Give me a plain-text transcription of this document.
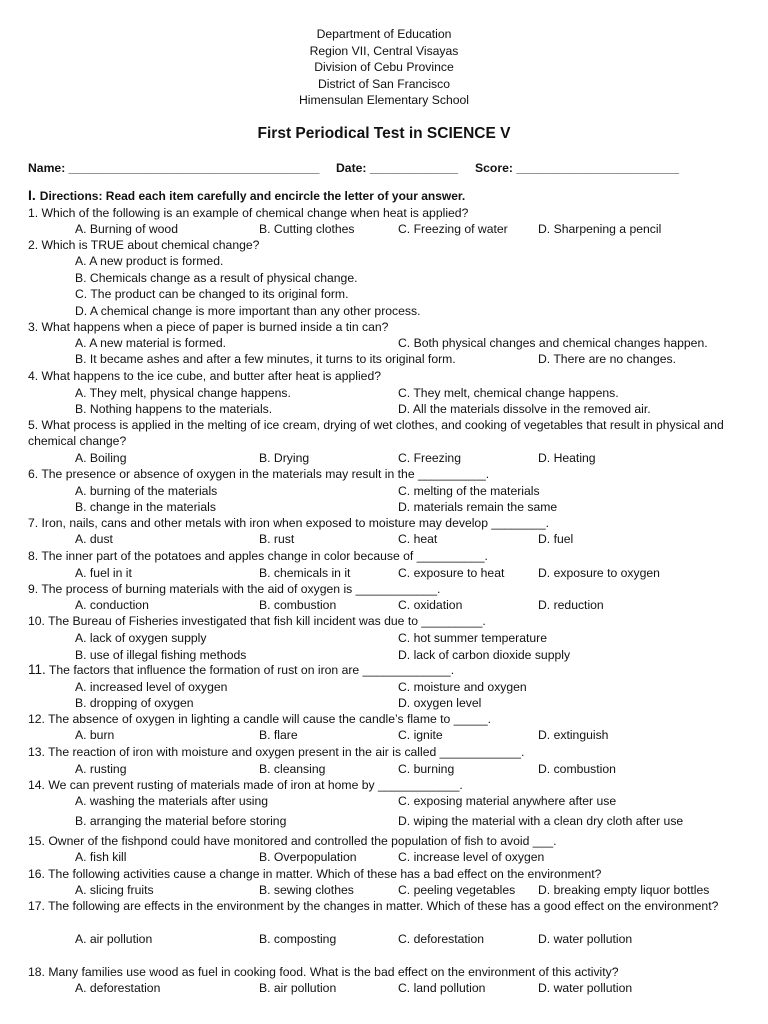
Department of Education
Region VII, Central Visayas
Division of Cebu Province
District of San Francisco
Himensulan Elementary School
First Periodical Test in SCIENCE V
Name: _____________________________________ Date: _____________ Score: ________________________
I. Directions: Read each item carefully and encircle the letter of your answer.
1. Which of the following is an example of chemical change when heat is applied?
A. Burning of wood	B. Cutting clothes	C. Freezing of water D. Sharpening a pencil
2. Which is TRUE about chemical change?
A. A new product is formed.
B. Chemicals change as a result of physical change.
C. The product can be changed to its original form.
D. A chemical change is more important than any other process.
3. What happens when a piece of paper is burned inside a tin can?
A. A new material is formed.	C. Both physical changes and chemical changes happen.
B. It became ashes and after a few minutes, it turns to its original form.	D. There are no changes.
4. What happens to the ice cube, and butter after heat is applied?
A. They melt, physical change happens.	C. They melt, chemical change happens.
B. Nothing happens to the materials.	D. All the materials dissolve in the removed air.
5. What process is applied in the melting of ice cream, drying of wet clothes, and cooking of vegetables that result in physical and chemical change?
A. Boiling	B. Drying	C. Freezing	D. Heating
6. The presence or absence of oxygen in the materials may result in the __________.
A. burning of the materials	C. melting of the materials
B. change in the materials	D. materials remain the same
7. Iron, nails, cans and other metals with iron when exposed to moisture may develop ________.
A. dust	B. rust	C. heat	D. fuel
8. The inner part of the potatoes and apples change in color because of __________.
A. fuel in it	B. chemicals in it	C. exposure to heat	D. exposure to oxygen
9. The process of burning materials with the aid of oxygen is ____________.
A. conduction	B. combustion	C. oxidation	D. reduction
10. The Bureau of Fisheries investigated that fish kill incident was due to _________.
A. lack of oxygen supply	C. hot summer temperature
B. use of illegal fishing methods	D. lack of carbon dioxide supply
11. The factors that influence the formation of rust on iron are _____________.
A. increased level of oxygen	C. moisture and oxygen
B. dropping of oxygen	D. oxygen level
12. The absence of oxygen in lighting a candle will cause the candle’s flame to _____.
A. burn	B. flare	C. ignite	D. extinguish
13. The reaction of iron with moisture and oxygen present in the air is called ____________.
A. rusting	B. cleansing	C. burning	D. combustion
14. We can prevent rusting of materials made of iron at home by ____________.
A. washing the materials after using	C. exposing material anywhere after use
B. arranging the material before storing	D. wiping the material with a clean dry cloth after use
15. Owner of the fishpond could have monitored and controlled the population of fish to avoid ___.
A. fish kill	B. Overpopulation	C. increase level of oxygen
16. The following activities cause a change in matter. Which of these has a bad effect on the environment?
A. slicing fruits	B. sewing clothes	C. peeling vegetables D. breaking empty liquor bottles
17. The following are effects in the environment by the changes in matter. Which of these has a good effect on the environment?
A. air pollution	B. composting	C. deforestation	D. water pollution
18. Many families use wood as fuel in cooking food. What is the bad effect on the environment of this activity?
A. deforestation	B. air pollution	C. land pollution	D. water pollution
